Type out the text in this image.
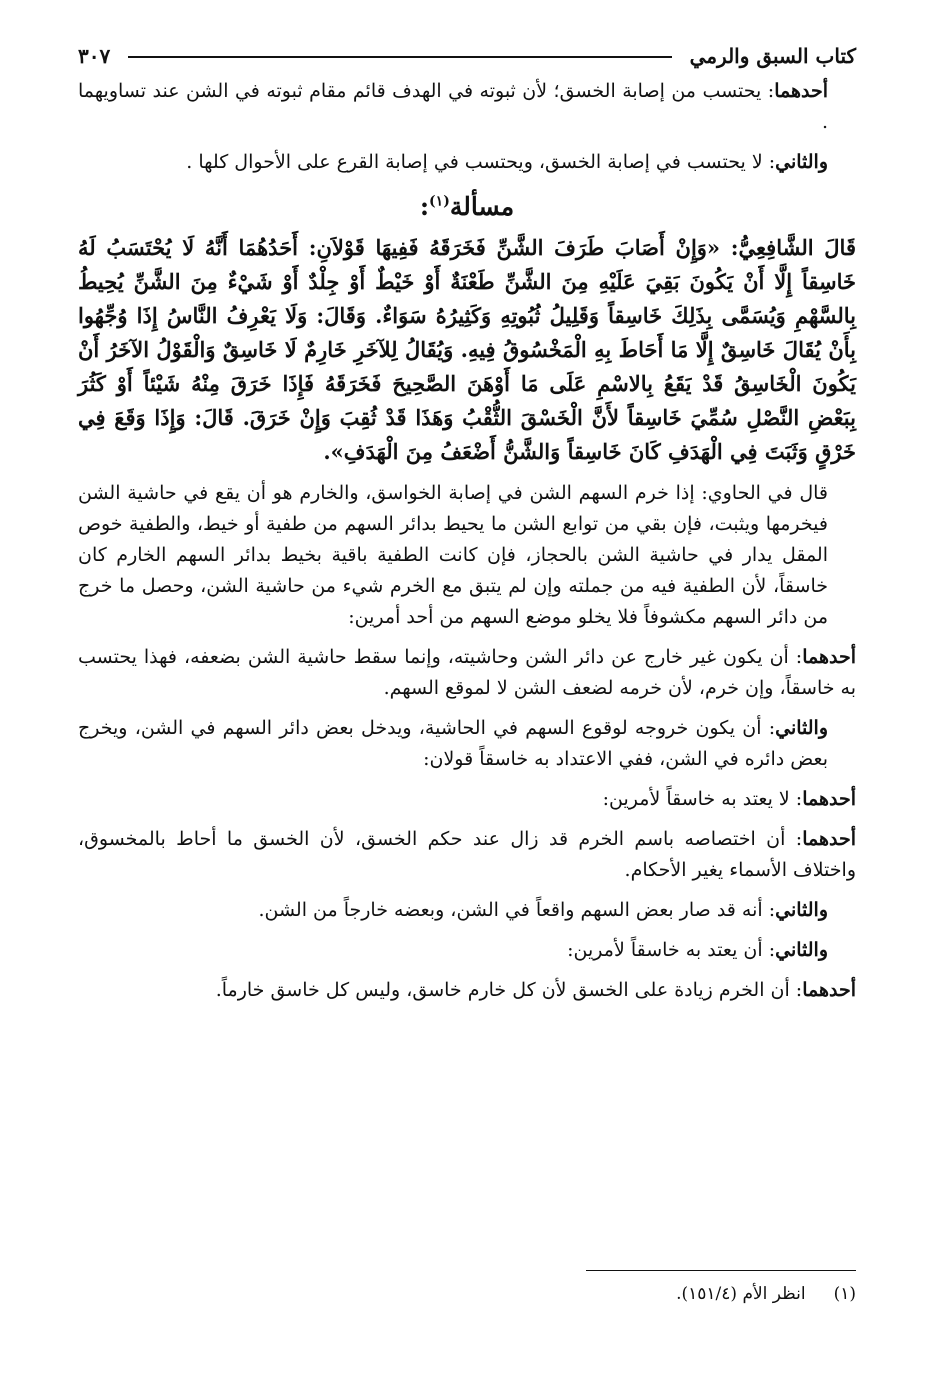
كتاب السبق والرمي
٣٠٧

أحدهما: يحتسب من إصابة الخسق؛ لأن ثبوته في الهدف قائم مقام ثبوته في الشن عند تساويهما .

والثاني: لا يحتسب في إصابة الخسق، ويحتسب في إصابة القرع على الأحوال كلها .

مسألة$^{(١)}$:

قَالَ الشَّافِعِيُّ: «وَإِنْ أَصَابَ طَرَفَ الشَّنِّ فَخَرَقَهُ فَفِيهَا قَوْلاَنِ: أَحَدُهُمَا أَنَّهُ لَا يُحْتَسَبُ لَهُ خَاسِقاً إِلَّا أَنْ يَكُونَ بَقِيَ عَلَيْهِ مِنَ الشَّنِّ طَعْنَةٌ أَوْ خَيْطٌ أَوْ جِلْدٌ أَوْ شَيْءٌ مِنَ الشَّنِّ يُحِيطُ بِالسَّهْمِ وَيُسَمَّى بِذَلِكَ خَاسِقاً وَقَلِيلُ ثُبُوتِهِ وَكَثِيرُهُ سَوَاءٌ. وَقَالَ: وَلَا يَعْرِفُ النَّاسُ إِذَا وُجِّهُوا بِأَنْ يُقَالَ خَاسِقٌ إِلَّا مَا أَحَاطَ بِهِ الْمَخْسُوقُ فِيهِ. وَيُقَالُ لِلآخَرِ خَارِمٌ لَا خَاسِقٌ وَالْقَوْلُ الآخَرُ أَنْ يَكُونَ الْخَاسِقُ قَدْ يَقَعُ بِالاسْمِ عَلَى مَا أَوْهَنَ الصَّحِيحَ فَخَرَقَهُ فَإِذَا خَرَقَ مِنْهُ شَيْئاً أَوْ كَثُرَ بِبَعْضِ النَّصْلِ سُمِّيَ خَاسِقاً لأَنَّ الْخَسْقَ الثُّقْبُ وَهَذَا قَدْ ثُقِبَ وَإِنْ خَرَقَ. قَالَ: وَإِذَا وَقَعَ فِي خَرْقٍ وَثَبَتَ فِي الْهَدَفِ كَانَ خَاسِقاً وَالشَّنُّ أَضْعَفُ مِنَ الْهَدَفِ».

قال في الحاوي: إذا خرم السهم الشن في إصابة الخواسق، والخارم هو أن يقع في حاشية الشن فيخرمها ويثبت، فإن بقي من توابع الشن ما يحيط بدائر السهم من طفية أو خيط، والطفية خوص المقل يدار في حاشية الشن بالحجاز، فإن كانت الطفية باقية بخيط بدائر السهم الخارم كان خاسقاً، لأن الطفية فيه من جملته وإن لم يتبق مع الخرم شيء من حاشية الشن، وحصل ما خرج من دائر السهم مكشوفاً فلا يخلو موضع السهم من أحد أمرين:

أحدهما: أن يكون غير خارج عن دائر الشن وحاشيته، وإنما سقط حاشية الشن بضعفه، فهذا يحتسب به خاسقاً، وإن خرم، لأن خرمه لضعف الشن لا لموقع السهم.

والثاني: أن يكون خروجه لوقوع السهم في الحاشية، ويدخل بعض دائر السهم في الشن، ويخرج بعض دائره في الشن، ففي الاعتداد به خاسقاً قولان:

أحدهما: لا يعتد به خاسقاً لأمرين:

أحدهما: أن اختصاصه باسم الخرم قد زال عند حكم الخسق، لأن الخسق ما أحاط بالمخسوق، واختلاف الأسماء يغير الأحكام.

والثاني: أنه قد صار بعض السهم واقعاً في الشن، وبعضه خارجاً من الشن.

والثاني: أن يعتد به خاسقاً لأمرين:

أحدهما: أن الخرم زيادة على الخسق لأن كل خارم خاسق، وليس كل خاسق خارماً.

(١)انظر الأم (١٥١/٤).
